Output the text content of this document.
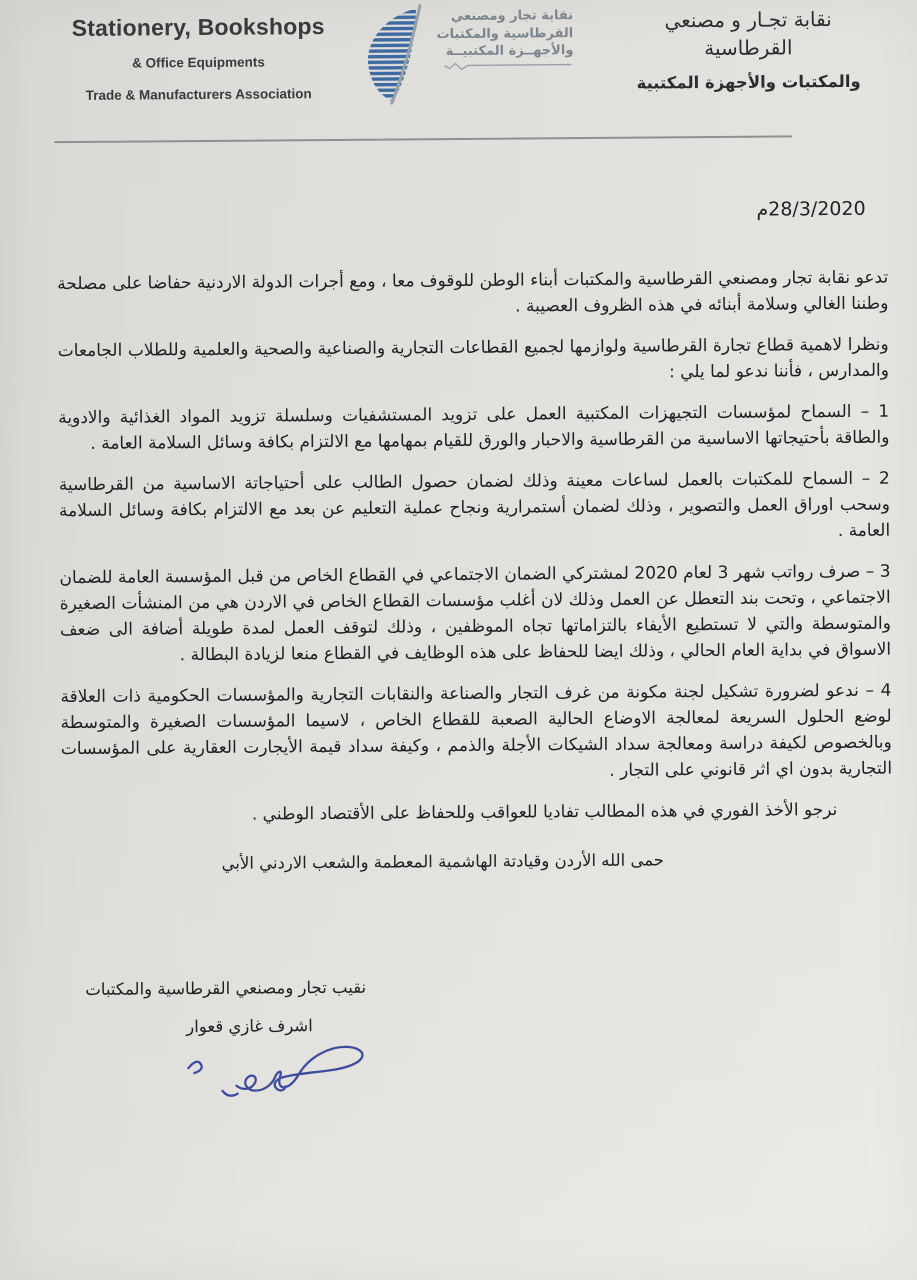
Stationery, Bookshops
& Office Equipments
Trade & Manufacturers Association
نقابة تجار ومصنعي
القرطاسية والمكتبات
والأجهــزة المكتبيــة
نقابة تجـار و مصنعي
القرطاسية
والمكتبات والأجهزة المكتبية
28/3/2020م

تدعو نقابة تجار ومصنعي القرطاسية والمكتبات أبناء الوطن للوقوف معا ، ومع أجرات الدولة الاردنية حفاضا على مصلحة وطننا الغالي وسلامة أبنائه في هذه الظروف العصيبة .

ونظرا لاهمية قطاع تجارة القرطاسية ولوازمها لجميع القطاعات التجارية والصناعية والصحية والعلمية وللطلاب الجامعات والمدارس ، فأننا ندعو لما يلي :

1 – السماح لمؤسسات التجيهزات المكتبية العمل على تزويد المستشفيات وسلسلة تزويد المواد الغذائية والادوية والطاقة بأحتيجاتها الاساسية من القرطاسية والاحبار والورق للقيام بمهامها مع الالتزام بكافة وسائل السلامة العامة .

2 – السماح للمكتبات بالعمل لساعات معينة وذلك لضمان حصول الطالب على أحتياجاتة الاساسية من القرطاسية وسحب اوراق العمل والتصوير ، وذلك لضمان أستمرارية ونجاح عملية التعليم عن بعد مع الالتزام بكافة وسائل السلامة العامة .

3 – صرف رواتب شهر 3 لعام 2020 لمشتركي الضمان الاجتماعي في القطاع الخاص من قبل المؤسسة العامة للضمان الاجتماعي ، وتحت بند التعطل عن العمل وذلك لان أغلب مؤسسات القطاع الخاص في الاردن هي من المنشأت الصغيرة والمتوسطة والتي لا تستطيع الأيفاء بالتزاماتها تجاه الموظفين ، وذلك لتوقف العمل لمدة طويلة أضافة الى ضعف الاسواق في بداية العام الحالي ، وذلك ايضا للحفاظ على هذه الوظايف في القطاع منعا لزيادة البطالة .

4 – ندعو لضرورة تشكيل لجنة مكونة من غرف التجار والصناعة والنقابات التجارية والمؤسسات الحكومية ذات العلاقة لوضع الحلول السريعة لمعالجة الاوضاع الحالية الصعبة للقطاع الخاص ، لاسيما المؤسسات الصغيرة والمتوسطة وبالخصوص لكيفة دراسة ومعالجة سداد الشيكات الأجلة والذمم ، وكيفة سداد قيمة الأيجارت العقارية على المؤسسات التجارية بدون اي اثر قانوني على التجار .

نرجو الأخذ الفوري في هذه المطالب تفاديا للعواقب وللحفاظ على الأقتصاد الوطني .

حمى الله الأردن وقيادتة الهاشمية المعطمة والشعب الاردني الأبي
نقيب تجار ومصنعي القرطاسية والمكتبات
اشرف غازي قعوار
